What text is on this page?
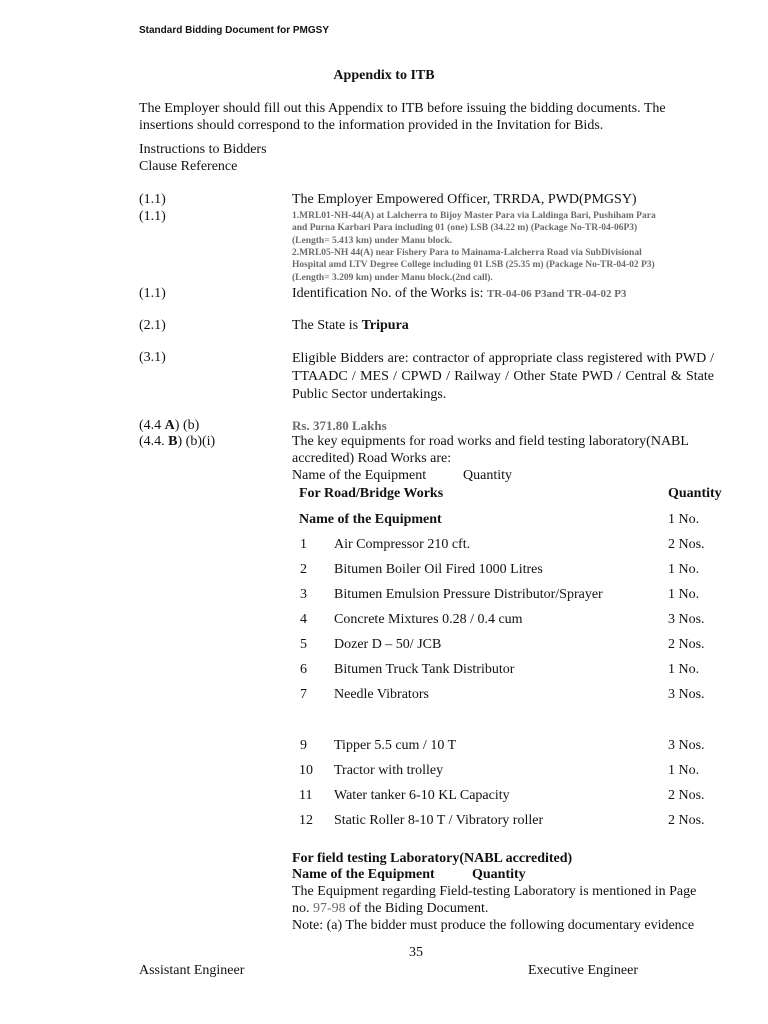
Standard Bidding Document for PMGSY
Appendix to ITB
The Employer should fill out this Appendix to ITB before issuing the bidding documents. The
insertions should correspond to the information provided in the Invitation for Bids.
Instructions to Bidders
Clause Reference
(1.1)	The Employer Empowered Officer, TRRDA, PWD(PMGSY)
(1.1)	1.MRL01-NH-44(A) at Lalcherra to Bijoy Master Para via Laldinga Bari, Pushiham Para
and Purna Karbari Para including 01 (one) LSB (34.22 m) (Package No-TR-04-06P3)
(Length= 5.413 km) under Manu block.
2.MRL05-NH 44(A) near Fishery Para to Mainama-Lalcherra Road via SubDivisional
Hospital amd LTV Degree College including 01 LSB (25.35 m) (Package No-TR-04-02 P3)
(Length= 3.209 km) under Manu block.(2nd call).
(1.1)	Identification No. of the Works is: TR-04-06 P3and TR-04-02 P3
(2.1)	The State is Tripura
(3.1)	Eligible Bidders are: contractor of appropriate class registered with PWD / TTAADC / MES / CPWD / Railway / Other State PWD / Central & State Public Sector undertakings.
(4.4 A) (b)	Rs. 371.80 Lakhs
(4.4. B) (b)(i)	The key equipments for road works and field testing laboratory(NABL
accredited) Road Works are:
Name of the Equipment	Quantity
For Road/Bridge Works	Quantity
Name of the Equipment	1 No.
1 Air Compressor 210 cft.	2 Nos.
2 Bitumen Boiler Oil Fired 1000 Litres	1 No.
3 Bitumen Emulsion Pressure Distributor/Sprayer	1 No.
4 Concrete Mixtures 0.28 / 0.4 cum	3 Nos.
5 Dozer D – 50/ JCB	2 Nos.
6 Bitumen Truck Tank Distributor	1 No.
7 Needle Vibrators	3 Nos.
9 Tipper 5.5 cum / 10 T	3 Nos.
10 Tractor with trolley	1 No.
11 Water tanker 6-10 KL Capacity	2 Nos.
12 Static Roller 8-10 T / Vibratory roller	2 Nos.
For field testing Laboratory(NABL accredited)
Name of the Equipment	Quantity
The Equipment regarding Field-testing Laboratory is mentioned in Page
no. 97-98 of the Biding Document.
Note: (a) The bidder must produce the following documentary evidence
35
Assistant Engineer	Executive Engineer
